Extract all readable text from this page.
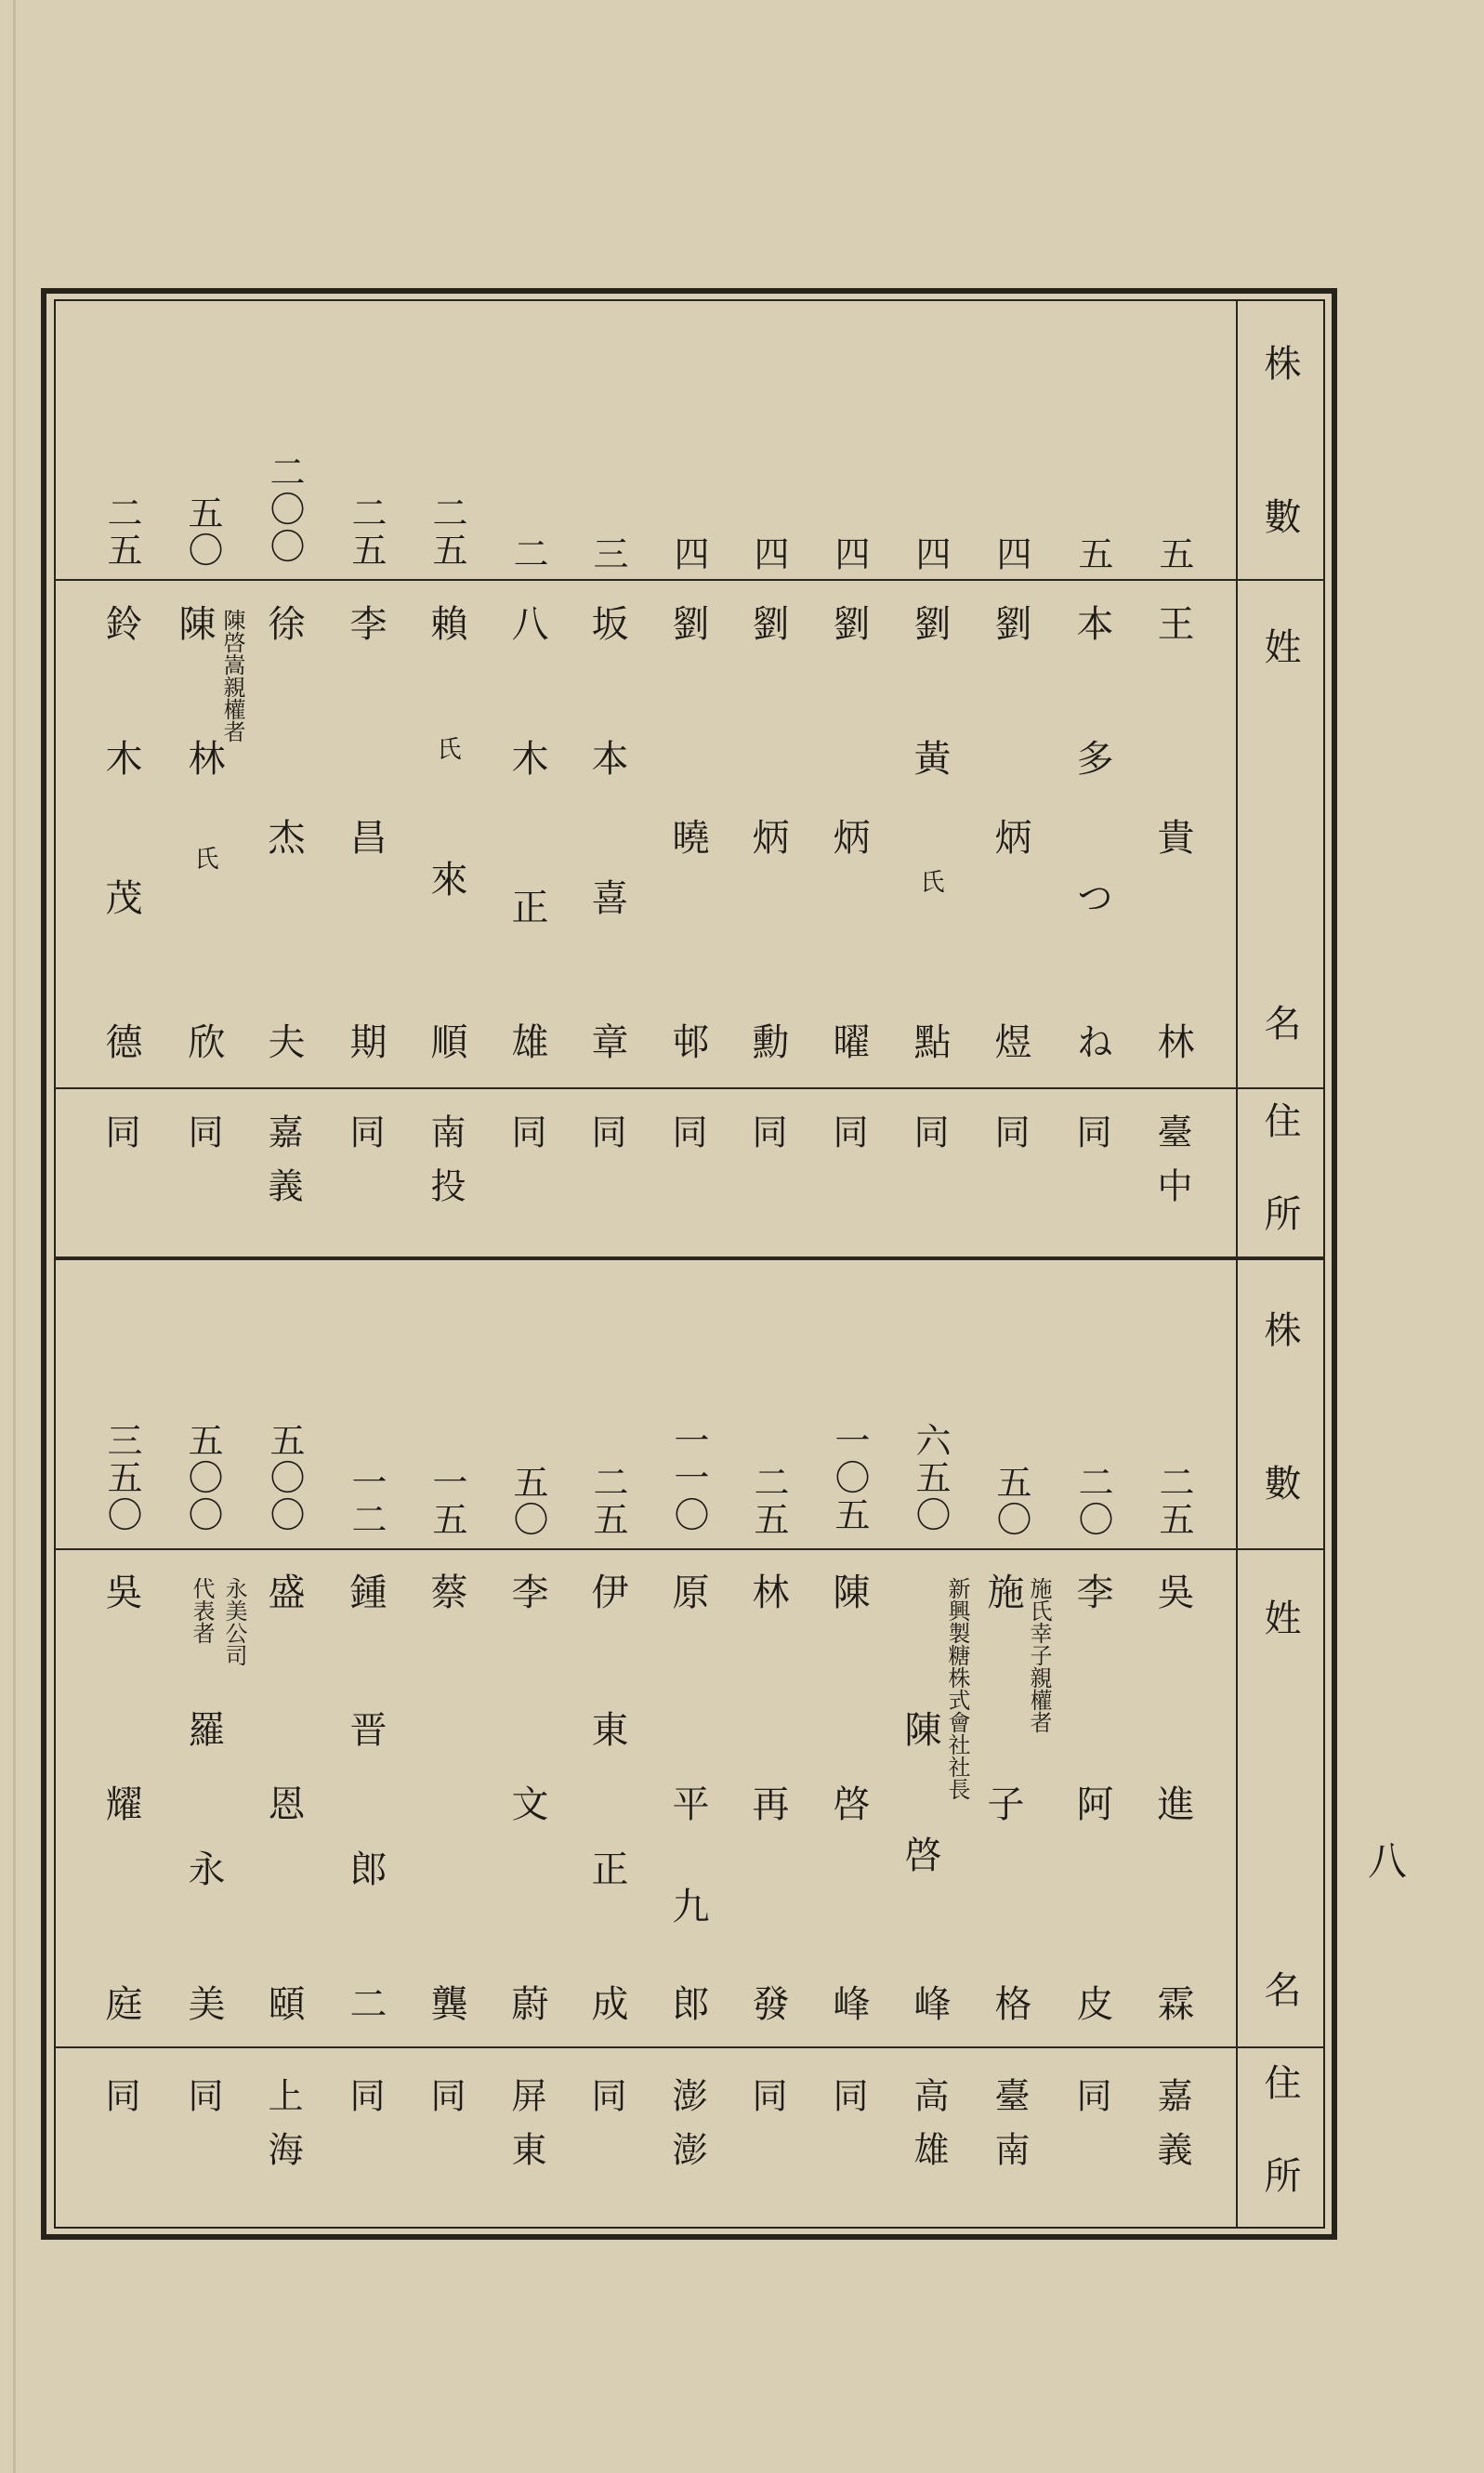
株
數
姓
名
住
所
株
數
姓
名
住
所
五
王
貴
林
臺中
五
本
多
つ
ね
同
四
劉
炳
煜
同
四
劉
黃
氏
點
同
四
劉
炳
曜
同
四
劉
炳
勳
同
四
劉
曉
邨
同
三
坂
本
喜
章
同
二
八
木
正
雄
同
二五
賴
氏
來
順
南投
二五
李
昌
期
同
二〇〇
徐
杰
夫
嘉義
五〇
陳 陳啓嵩親權者
林
氏
欣
同
二五
鈴
木
茂
德
同
二五
吳
進
霖
嘉義
二〇
李
阿
皮
同
五〇
施 施氏幸子親權者
子
格
臺南
六五〇
新興製糖株式會社社長
陳
啓
峰
高雄
一〇五
陳
啓
峰
同
二五
林
再
發
同
一一〇
原
平
九
郎
澎澎
二五
伊
東
正
成
同
五〇
李
文
蔚
屏東
一五
蔡
龔
同
一二
鍾
晋
郎
二
同
五〇〇
盛
恩
頤
上海
五〇〇
永美公司
代表者
羅
永
美
同
三五〇
吳
耀
庭
同
八
